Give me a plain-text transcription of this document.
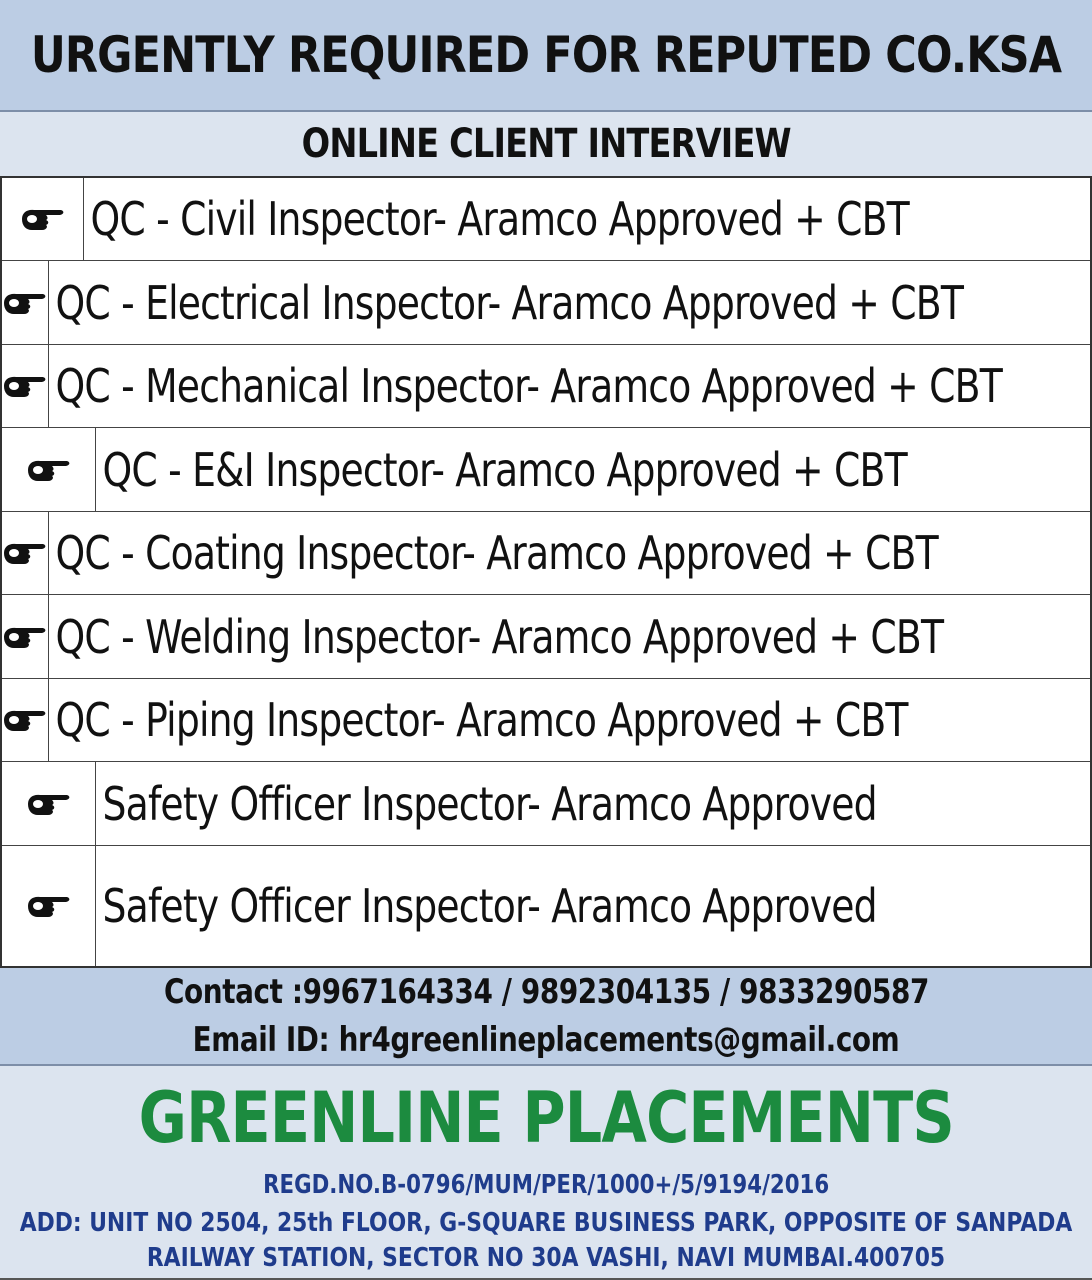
URGENTLY REQUIRED FOR REPUTED CO.KSA
ONLINE CLIENT INTERVIEW
QC - Civil Inspector- Aramco Approved + CBT
QC - Electrical Inspector- Aramco Approved + CBT
QC - Mechanical Inspector- Aramco Approved + CBT
QC - E&I Inspector- Aramco Approved + CBT
QC - Coating Inspector- Aramco Approved + CBT
QC - Welding Inspector- Aramco Approved + CBT
QC - Piping Inspector- Aramco Approved + CBT
Safety Officer Inspector- Aramco Approved
Safety Officer Inspector- Aramco Approved
Contact :9967164334 / 9892304135 / 9833290587
Email ID: hr4greenlineplacements@gmail.com
GREENLINE PLACEMENTS
REGD.NO.B-0796/MUM/PER/1000+/5/9194/2016
ADD: UNIT NO 2504, 25th FLOOR, G-SQUARE BUSINESS PARK, OPPOSITE OF SANPADA RAILWAY STATION, SECTOR NO 30A VASHI, NAVI MUMBAI.400705
